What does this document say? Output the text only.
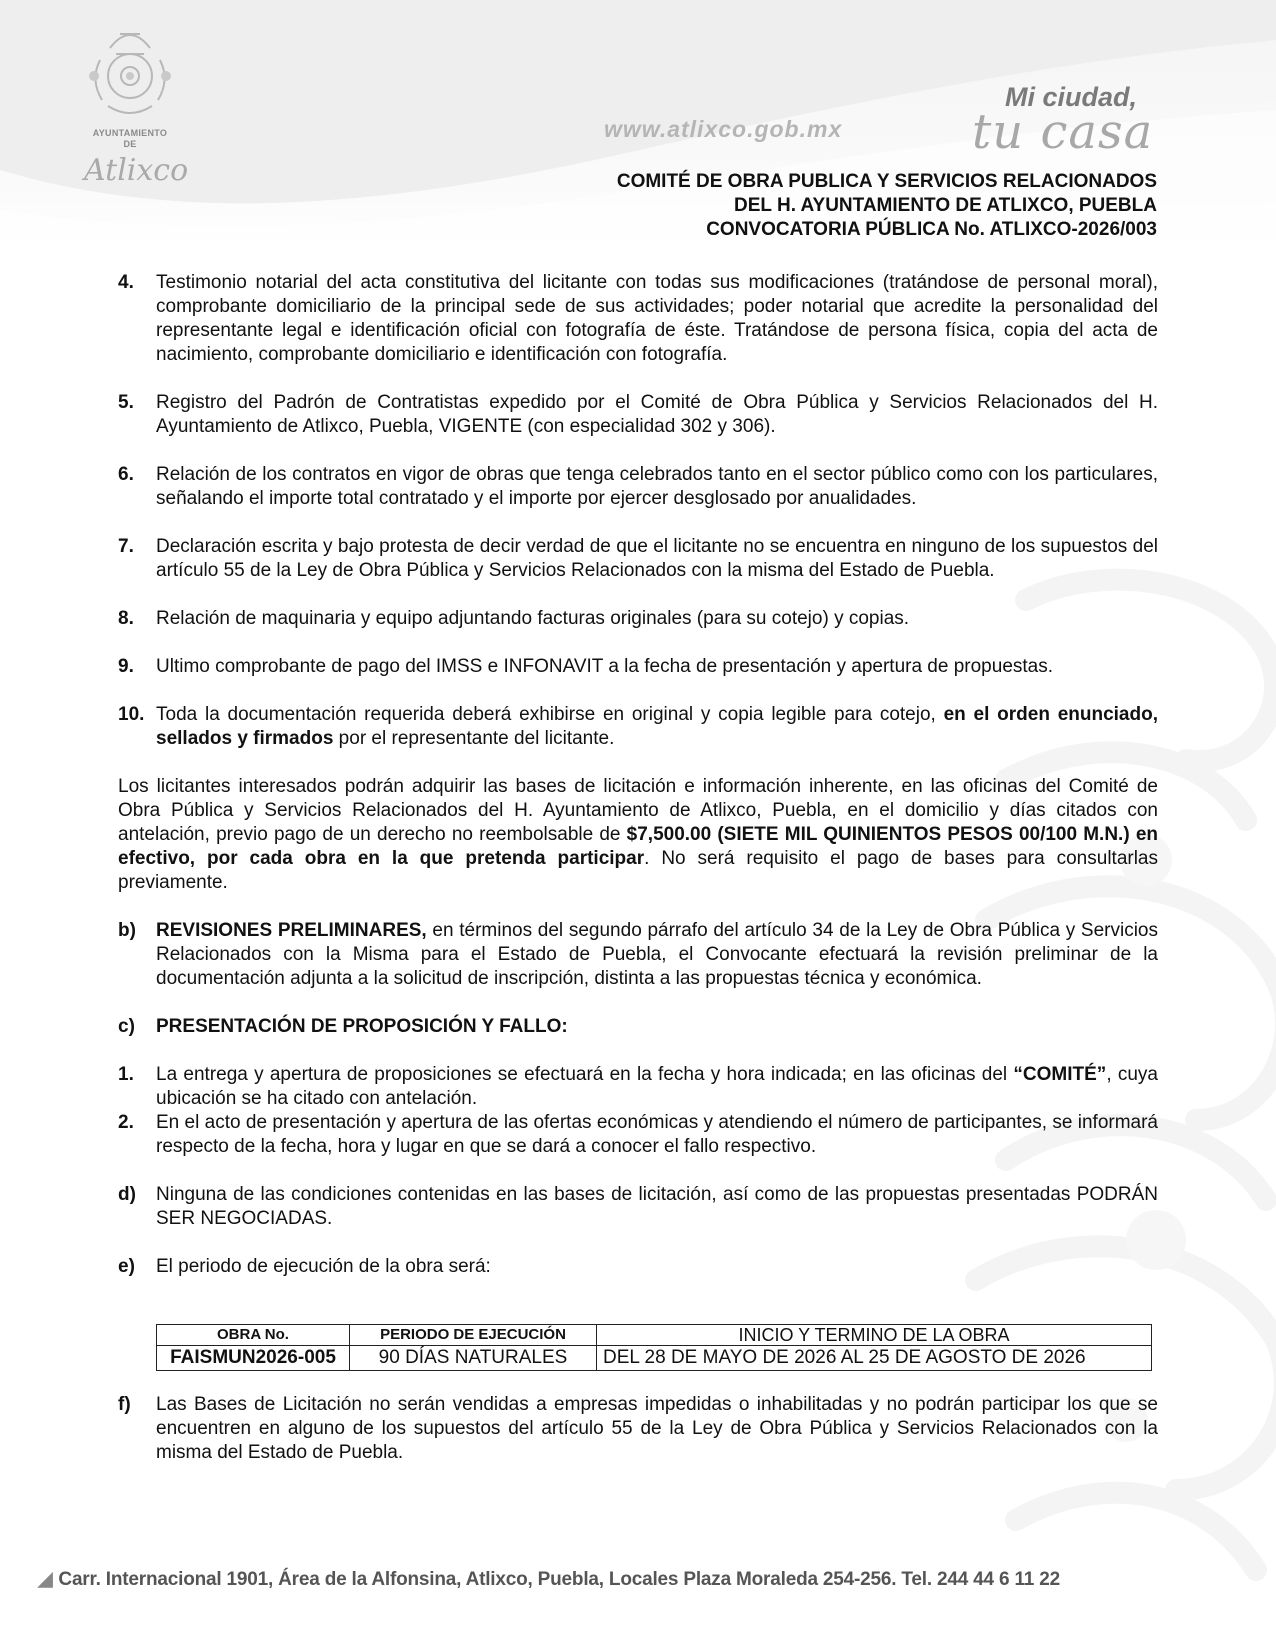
AYUNTAMIENTO
DE
Atlixco
www.atlixco.gob.mx
Mi ciudad,
tu casa
COMITÉ DE OBRA PUBLICA Y SERVICIOS RELACIONADOS
DEL H. AYUNTAMIENTO DE ATLIXCO, PUEBLA
CONVOCATORIA PÚBLICA No. ATLIXCO-2026/003
4.	Testimonio notarial del acta constitutiva del licitante con todas sus modificaciones (tratándose de personal moral), comprobante domiciliario de la principal sede de sus actividades; poder notarial que acredite la personalidad del representante legal e identificación oficial con fotografía de éste. Tratándose de persona física, copia del acta de nacimiento, comprobante domiciliario e identificación con fotografía.
5.	Registro del Padrón de Contratistas expedido por el Comité de Obra Pública y Servicios Relacionados del H. Ayuntamiento de Atlixco, Puebla, VIGENTE (con especialidad 302 y 306).
6.	Relación de los contratos en vigor de obras que tenga celebrados tanto en el sector público como con los particulares, señalando el importe total contratado y el importe por ejercer desglosado por anualidades.
7.	Declaración escrita y bajo protesta de decir verdad de que el licitante no se encuentra en ninguno de los supuestos del artículo 55 de la Ley de Obra Pública y Servicios Relacionados con la misma del Estado de Puebla.
8.	Relación de maquinaria y equipo adjuntando facturas originales (para su cotejo) y copias.
9.	Ultimo comprobante de pago del IMSS e INFONAVIT a la fecha de presentación y apertura de propuestas.
10. Toda la documentación requerida deberá exhibirse en original y copia legible para cotejo, en el orden enunciado, sellados y firmados por el representante del licitante.

Los licitantes interesados podrán adquirir las bases de licitación e información inherente, en las oficinas del Comité de Obra Pública y Servicios Relacionados del H. Ayuntamiento de Atlixco, Puebla, en el domicilio y días citados con antelación, previo pago de un derecho no reembolsable de $7,500.00 (SIETE MIL QUINIENTOS PESOS 00/100 M.N.) en efectivo, por cada obra en la que pretenda participar. No será requisito el pago de bases para consultarlas previamente.

b)	REVISIONES PRELIMINARES, en términos del segundo párrafo del artículo 34 de la Ley de Obra Pública y Servicios Relacionados con la Misma para el Estado de Puebla, el Convocante efectuará la revisión preliminar de la documentación adjunta a la solicitud de inscripción, distinta a las propuestas técnica y económica.
c)	PRESENTACIÓN DE PROPOSICIÓN Y FALLO:
1.	La entrega y apertura de proposiciones se efectuará en la fecha y hora indicada; en las oficinas del “COMITÉ”, cuya ubicación se ha citado con antelación.
2.	En el acto de presentación y apertura de las ofertas económicas y atendiendo el número de participantes, se informará respecto de la fecha, hora y lugar en que se dará a conocer el fallo respectivo.
d)	Ninguna de las condiciones contenidas en las bases de licitación, así como de las propuestas presentadas PODRÁN SER NEGOCIADAS.
e)	El periodo de ejecución de la obra será:
OBRA No.	PERIODO DE EJECUCIÓN	INICIO Y TERMINO DE LA OBRA
FAISMUN2026-005	90 DÍAS NATURALES	DEL 28 DE MAYO DE 2026 AL 25 DE AGOSTO DE 2026
f)	Las Bases de Licitación no serán vendidas a empresas impedidas o inhabilitadas y no podrán participar los que se encuentren en alguno de los supuestos del artículo 55 de la Ley de Obra Pública y Servicios Relacionados con la misma del Estado de Puebla.
◢ Carr. Internacional 1901, Área de la Alfonsina, Atlixco, Puebla, Locales Plaza Moraleda 254-256. Tel. 244 44 6 11 22
